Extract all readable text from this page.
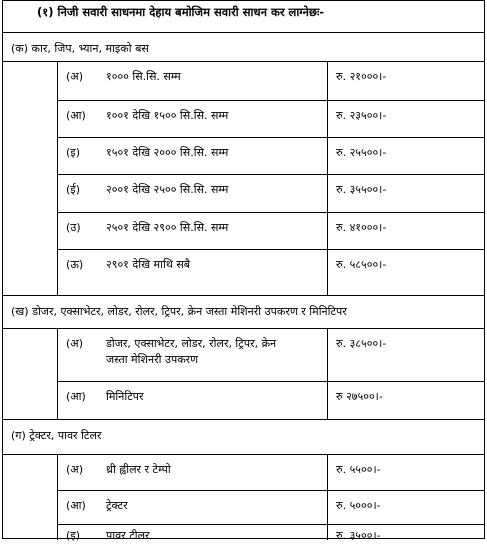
(१) निजी सवारी साधनमा देहाय बमोजिम सवारी साधन कर लाग्नेछः-
(क) कार, जिप, भ्यान, माइको बस
(अ) १००० सि.सि. सम्म	रु. २१०००।-
(आ) १००१ देखि १५०० सि.सि. सम्म	रु. २३५००।-
(इ) १५०१ देखि २००० सि.सि. सम्म	रु. २५५००।-
(ई) २००१ देखि २५०० सि.सि. सम्म	रु. ३५५००।-
(उ) २५०१ देखि २९०० सि.सि. सम्म	रु. ४१०००।-
(ऊ) २९०१ देखि माथि सबै	रु. ५८५००।-
(ख) डोजर, एक्साभेटर, लोडर, रोलर, ट्रिपर, क्रेन जस्ता मेशिनरी उपकरण र मिनिटिपर
(अ) डोजर, एक्साभेटर, लोडर, रोलर, ट्रिपर, क्रेन जस्ता मेशिनरी उपकरण
रु. ३८५००।-
(आ) मिनिटिपर	रु २७५००।-
(ग) ट्रेक्टर, पावर टिलर
(अ) थ्री ह्वीलर र टेम्पो	रु. ५५००।-
(आ) ट्रेक्टर	रु. ५०००।-
(इ) पावर टीलर	रु. ३५००।-
